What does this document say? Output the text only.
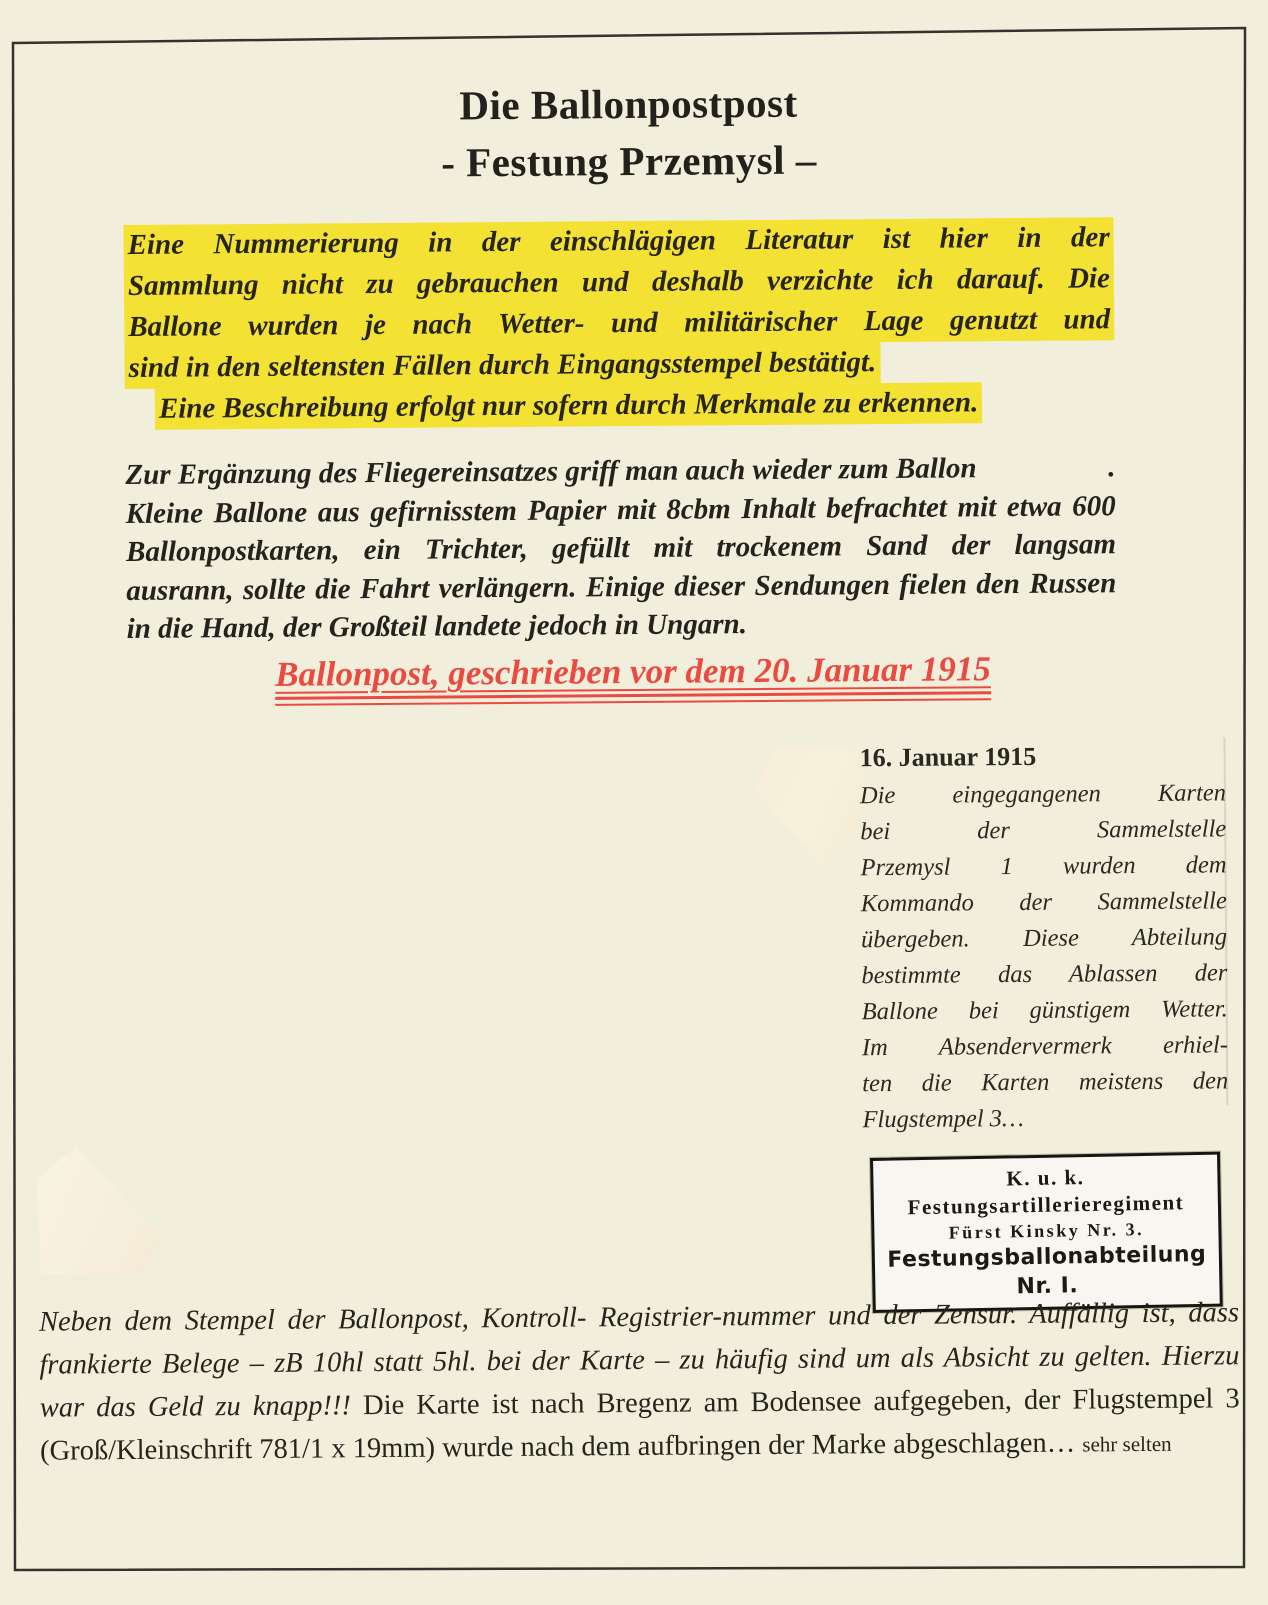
Die Ballonpostpost
- Festung Przemysl –
Eine Nummerierung in der einschlägigen Literatur ist hier in der
Sammlung nicht zu gebrauchen und deshalb verzichte ich darauf. Die
Ballone wurden je nach Wetter- und militärischer Lage genutzt und
sind in den seltensten Fällen durch Eingangsstempel bestätigt.
Eine Beschreibung erfolgt nur sofern durch Merkmale zu erkennen.
Zur Ergänzung des Fliegereinsatzes griff man auch wieder zum Ballon	.
Kleine Ballone aus gefirnisstem Papier mit 8cbm Inhalt befrachtet mit etwa 600
Ballonpostkarten, ein Trichter, gefüllt mit trockenem Sand der langsam
ausrann, sollte die Fahrt verlängern. Einige dieser Sendungen fielen den Russen
in die Hand, der Großteil landete jedoch in Ungarn.
Ballonpost, geschrieben vor dem 20. Januar 1915
16. Januar 1915
Die eingegangenen Karten
bei der Sammelstelle
Przemysl 1 wurden dem
Kommando der Sammelstelle
übergeben. Diese Abteilung
bestimmte das Ablassen der
Ballone bei günstigem Wetter.
Im Absendervermerk erhiel-
ten die Karten meistens den
Flugstempel 3…
K. u. k. Festungsartillerieregiment
Fürst Kinsky Nr. 3.
Festungsballonabteilung Nr. I.
Neben dem Stempel der Ballonpost, Kontroll- Registrier-nummer und der Zensur. Auffällig ist, dass
frankierte Belege – zB 10hl statt 5hl. bei der Karte – zu häufig sind um als Absicht zu gelten. Hierzu
war das Geld zu knapp!!! Die Karte ist nach Bregenz am Bodensee aufgegeben, der Flugstempel 3
(Groß/Kleinschrift 781/1 x 19mm) wurde nach dem aufbringen der Marke abgeschlagen… sehr selten
